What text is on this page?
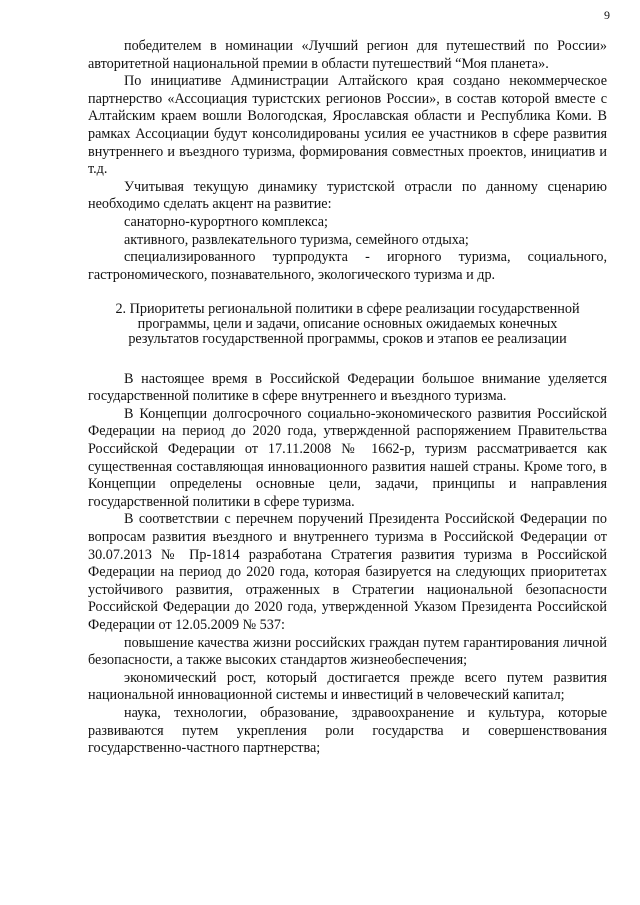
9

победителем в номинации «Лучший регион для путешествий по России» авторитетной национальной премии в области путешествий “Моя планета».

По инициативе Администрации Алтайского края создано некоммерческое партнерство «Ассоциация туристских регионов России», в состав которой вместе с Алтайским краем вошли Вологодская, Ярославская области и Республика Коми. В рамках Ассоциации будут консолидированы усилия ее участников в сфере развития внутреннего и въездного туризма, формирования совместных проектов, инициатив и т.д.

Учитывая текущую динамику туристской отрасли по данному сценарию необходимо сделать акцент на развитие:

санаторно-курортного комплекса;

активного, развлекательного туризма, семейного отдыха;

специализированного турпродукта - игорного туризма, социального, гастрономического, познавательного, экологического туризма и др.

2. Приоритеты региональной политики в сфере реализации государственной программы, цели и задачи, описание основных ожидаемых конечных результатов государственной программы, сроков и этапов ее реализации

В настоящее время в Российской Федерации большое внимание уделяется государственной политике в сфере внутреннего и въездного туризма.

В Концепции долгосрочного социально-экономического развития Российской Федерации на период до 2020 года, утвержденной распоряжением Правительства Российской Федерации от 17.11.2008 № 1662-р, туризм рассматривается как существенная составляющая инновационного развития нашей страны. Кроме того, в Концепции определены основные цели, задачи, принципы и направления государственной политики в сфере туризма.

В соответствии с перечнем поручений Президента Российской Федерации по вопросам развития въездного и внутреннего туризма в Российской Федерации от 30.07.2013 № Пр-1814 разработана Стратегия развития туризма в Российской Федерации на период до 2020 года, которая базируется на следующих приоритетах устойчивого развития, отраженных в Стратегии национальной безопасности Российской Федерации до 2020 года, утвержденной Указом Президента Российской Федерации от 12.05.2009 № 537:

повышение качества жизни российских граждан путем гарантирования личной безопасности, а также высоких стандартов жизнеобеспечения;

экономический рост, который достигается прежде всего путем развития национальной инновационной системы и инвестиций в человеческий капитал;

наука, технологии, образование, здравоохранение и культура, которые развиваются путем укрепления роли государства и совершенствования государственно-частного партнерства;
